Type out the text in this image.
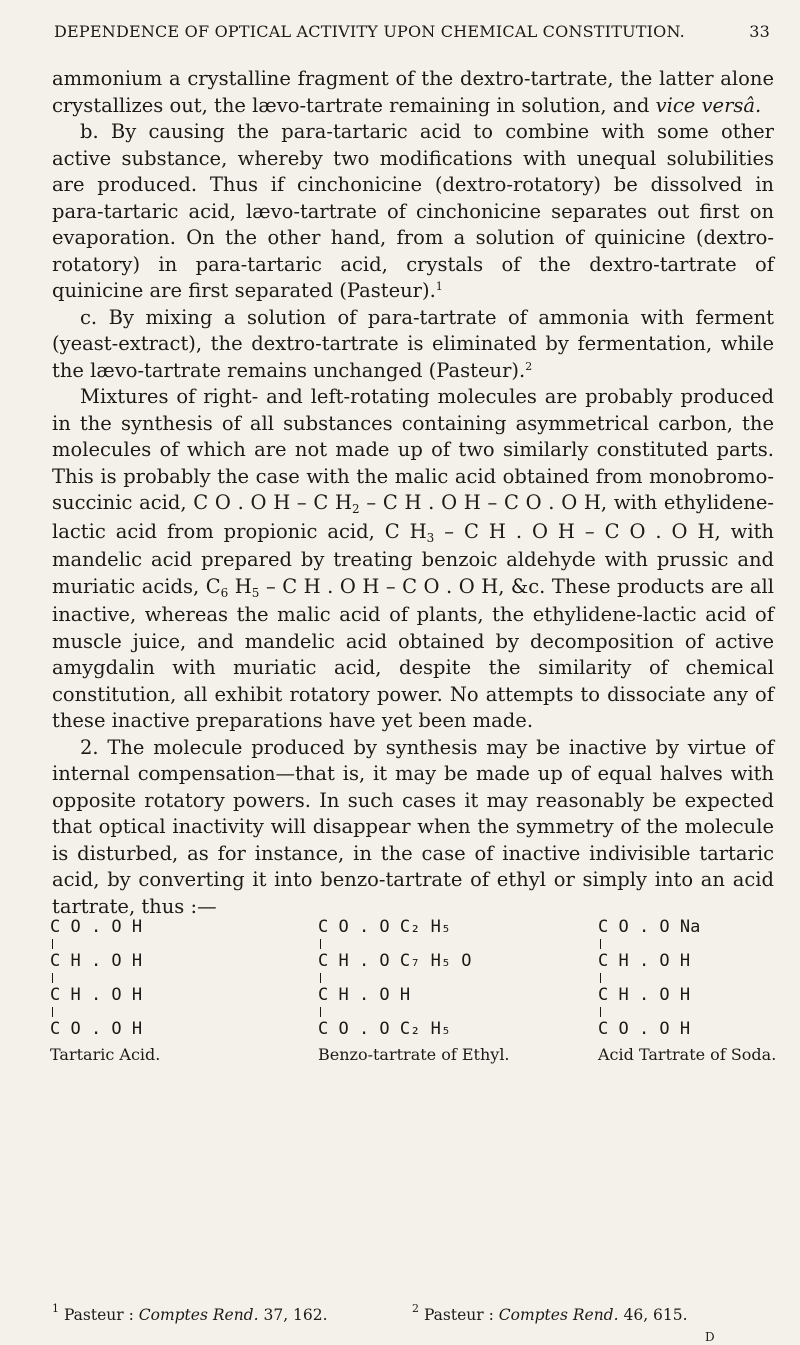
DEPENDENCE OF OPTICAL ACTIVITY UPON CHEMICAL CONSTITUTION.	33

ammonium a crystalline fragment of the dextro-tartrate, the latter alone crystallizes out, the lævo-tartrate remaining in solution, and vice versâ.

b. By causing the para-tartaric acid to combine with some other active substance, whereby two modifications with unequal solubilities are produced. Thus if cinchonicine (dextro-rotatory) be dissolved in para-tartaric acid, lævo-tartrate of cinchonicine separates out first on evaporation. On the other hand, from a solution of quinicine (dextro-rotatory) in para-tartaric acid, crystals of the dextro-tartrate of quinicine are first separated (Pasteur).$^1$

c. By mixing a solution of para-tartrate of ammonia with ferment (yeast-extract), the dextro-tartrate is eliminated by fermentation, while the lævo-tartrate remains unchanged (Pasteur).$^2$

Mixtures of right- and left-rotating molecules are probably produced in the synthesis of all substances containing asymmetrical carbon, the molecules of which are not made up of two similarly constituted parts. This is probably the case with the malic acid obtained from monobromo-succinic acid, C O . O H – C $H_2$ – C H . O H – C O . O H, with ethylidene-lactic acid from propionic acid, C $H_3$ – C H . O H – C O . O H, with mandelic acid prepared by treating benzoic aldehyde with prussic and muriatic acids, $C_6$ $H_5$ – C H . O H – C O . O H, &c. These products are all inactive, whereas the malic acid of plants, the ethylidene-lactic acid of muscle juice, and mandelic acid obtained by decomposition of active amygdalin with muriatic acid, despite the similarity of chemical constitution, all exhibit rotatory power. No attempts to dissociate any of these inactive preparations have yet been made.

2. The molecule produced by synthesis may be inactive by virtue of internal compensation—that is, it may be made up of equal halves with opposite rotatory powers. In such cases it may reasonably be expected that optical inactivity will disappear when the symmetry of the molecule is disturbed, as for instance, in the case of inactive indivisible tartaric acid, by converting it into benzo-tartrate of ethyl or simply into an acid tartrate, thus :—

C O . O H
C H . O H
C H . O H
C O . O H
Tartaric Acid.
C O . O C₂ H₅
C H . O C₇ H₅ O
C H . O H
C O . O C₂ H₅
Benzo-tartrate of Ethyl.
C O . O Na
C H . O H
C H . O H
C O . O H
Acid Tartrate of Soda.
$^1$ Pasteur : Comptes Rend. 37, 162.	$^2$ Pasteur : Comptes Rend. 46, 615.
D
